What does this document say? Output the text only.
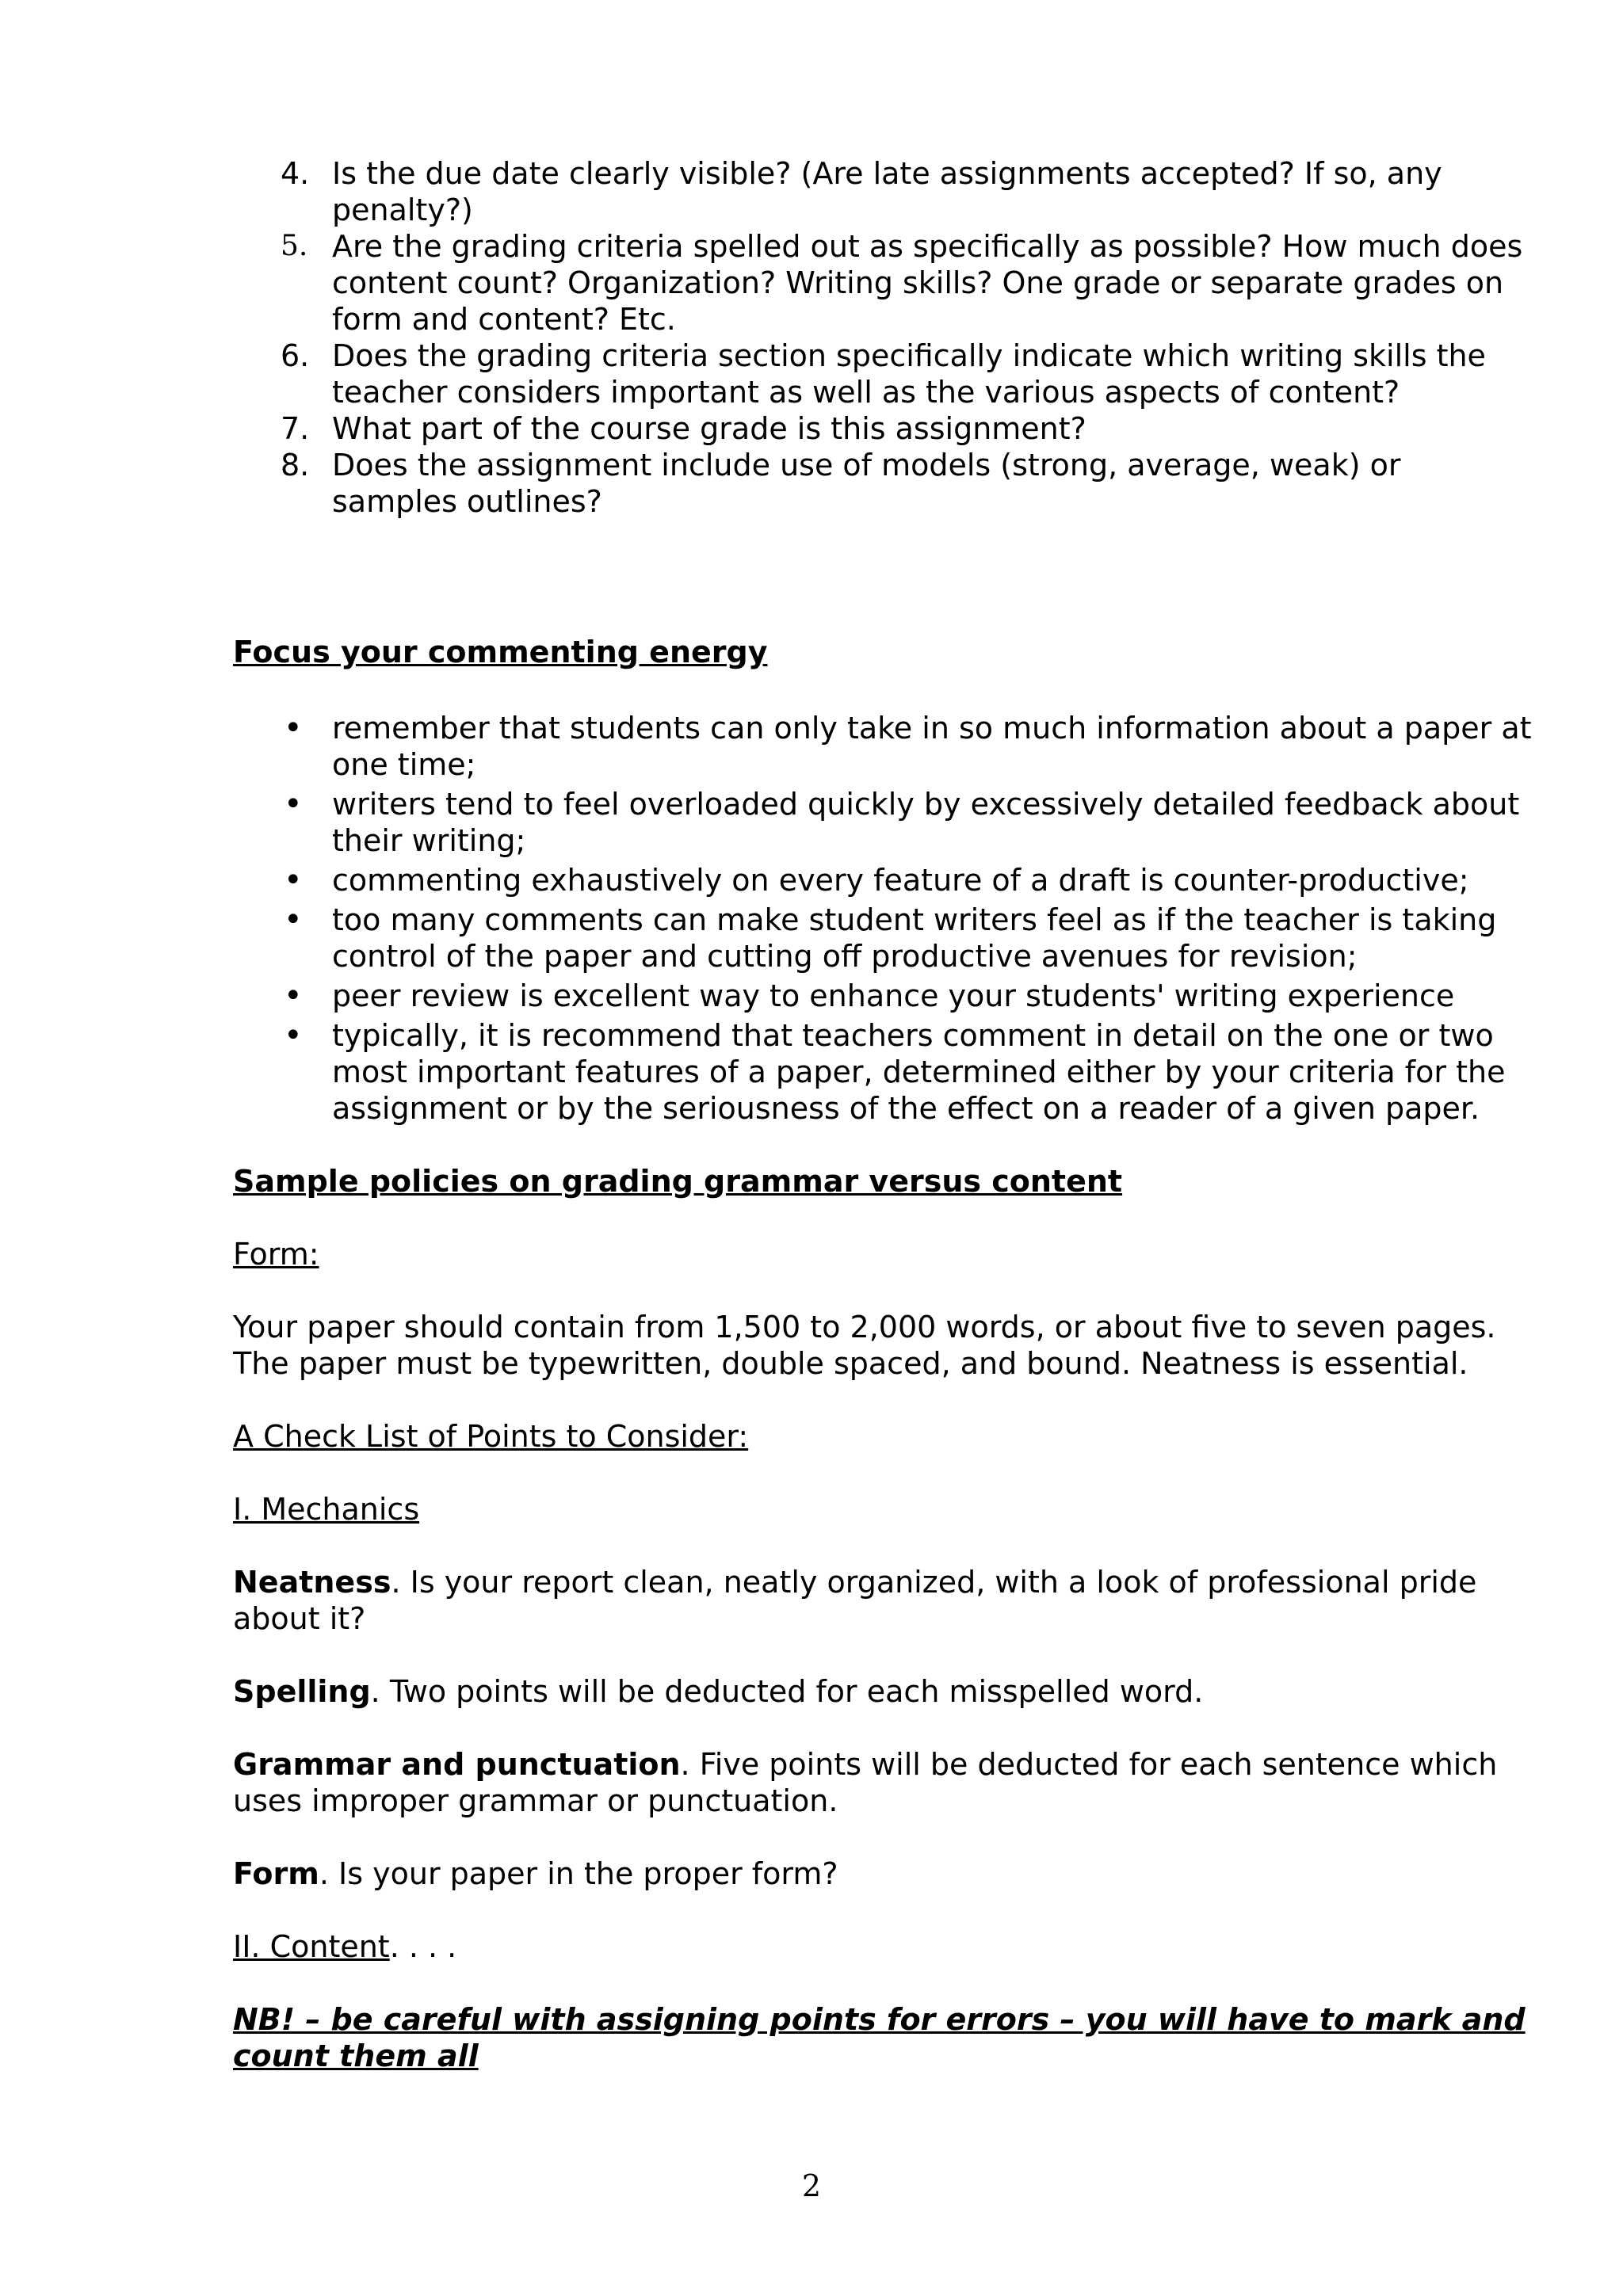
4. Is the due date clearly visible? (Are late assignments accepted? If so, any penalty?)
5. Are the grading criteria spelled out as specifically as possible? How much does content count? Organization? Writing skills? One grade or separate grades on form and content? Etc.
6. Does the grading criteria section specifically indicate which writing skills the teacher considers important as well as the various aspects of content?
7. What part of the course grade is this assignment?
8. Does the assignment include use of models (strong, average, weak) or samples outlines?

Focus your commenting energy

• remember that students can only take in so much information about a paper at one time;
• writers tend to feel overloaded quickly by excessively detailed feedback about their writing;
• commenting exhaustively on every feature of a draft is counter-productive;
• too many comments can make student writers feel as if the teacher is taking control of the paper and cutting off productive avenues for revision;
• peer review is excellent way to enhance your students' writing experience
• typically, it is recommend that teachers comment in detail on the one or two most important features of a paper, determined either by your criteria for the assignment or by the seriousness of the effect on a reader of a given paper.

Sample policies on grading grammar versus content

Form:

Your paper should contain from 1,500 to 2,000 words, or about five to seven pages. The paper must be typewritten, double spaced, and bound. Neatness is essential.

A Check List of Points to Consider:

I. Mechanics

Neatness. Is your report clean, neatly organized, with a look of professional pride about it?

Spelling. Two points will be deducted for each misspelled word.

Grammar and punctuation. Five points will be deducted for each sentence which uses improper grammar or punctuation.

Form. Is your paper in the proper form?

II. Content. . . .

NB! – be careful with assigning points for errors – you will have to mark and count them all

2
